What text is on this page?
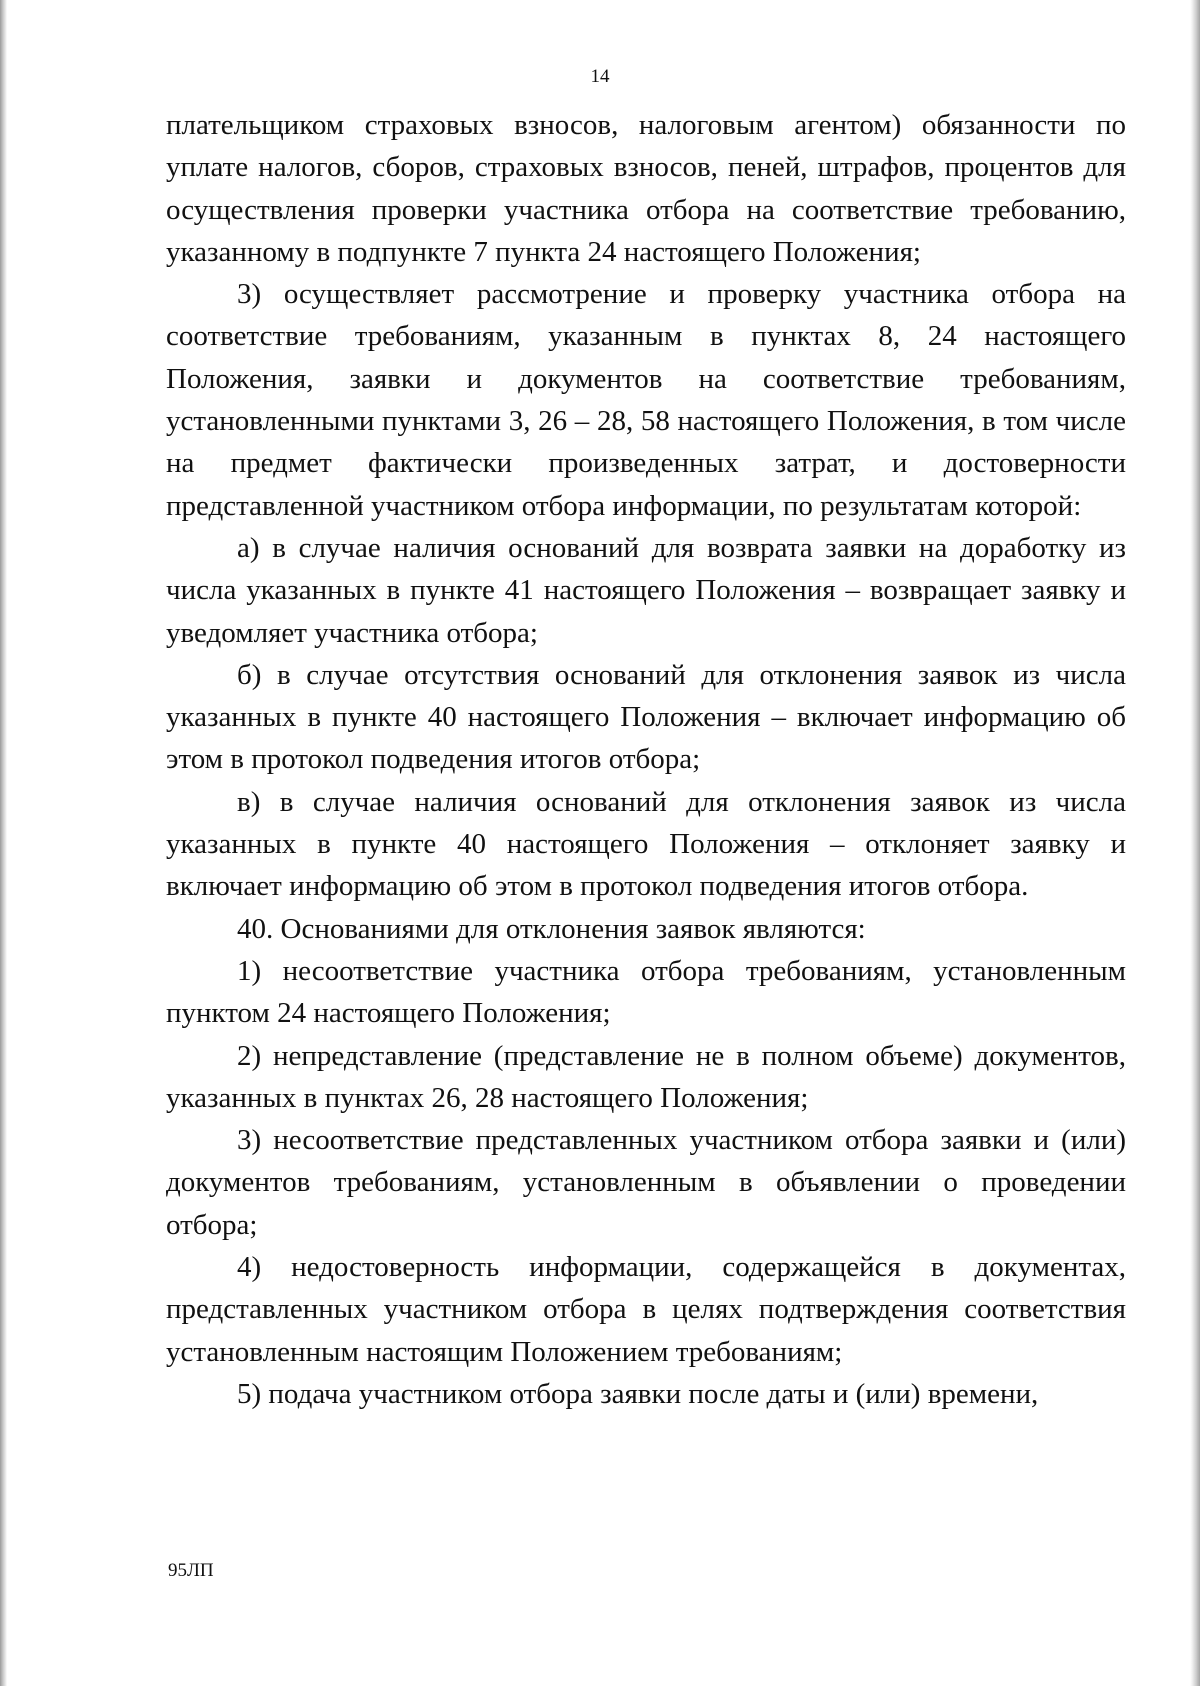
14

плательщиком страховых взносов, налоговым агентом) обязанности по уплате налогов, сборов, страховых взносов, пеней, штрафов, процентов для осуществления проверки участника отбора на соответствие требованию, указанному в подпункте 7 пункта 24 настоящего Положения;

3) осуществляет рассмотрение и проверку участника отбора на соответствие требованиям, указанным в пунктах 8, 24 настоящего Положения, заявки и документов на соответствие требованиям, установленными пунктами 3, 26 – 28, 58 настоящего Положения, в том числе на предмет фактически произведенных затрат, и достоверности представленной участником отбора информации, по результатам которой:

а) в случае наличия оснований для возврата заявки на доработку из числа указанных в пункте 41 настоящего Положения – возвращает заявку и уведомляет участника отбора;

б) в случае отсутствия оснований для отклонения заявок из числа указанных в пункте 40 настоящего Положения – включает информацию об этом в протокол подведения итогов отбора;

в) в случае наличия оснований для отклонения заявок из числа указанных в пункте 40 настоящего Положения – отклоняет заявку и включает информацию об этом в протокол подведения итогов отбора.

40. Основаниями для отклонения заявок являются:

1) несоответствие участника отбора требованиям, установленным пунктом 24 настоящего Положения;

2) непредставление (представление не в полном объеме) документов, указанных в пунктах 26, 28 настоящего Положения;

3) несоответствие представленных участником отбора заявки и (или) документов требованиям, установленным в объявлении о проведении отбора;

4) недостоверность информации, содержащейся в документах, представленных участником отбора в целях подтверждения соответствия установленным настоящим Положением требованиям;

5) подача участником отбора заявки после даты и (или) времени,

95ЛП
